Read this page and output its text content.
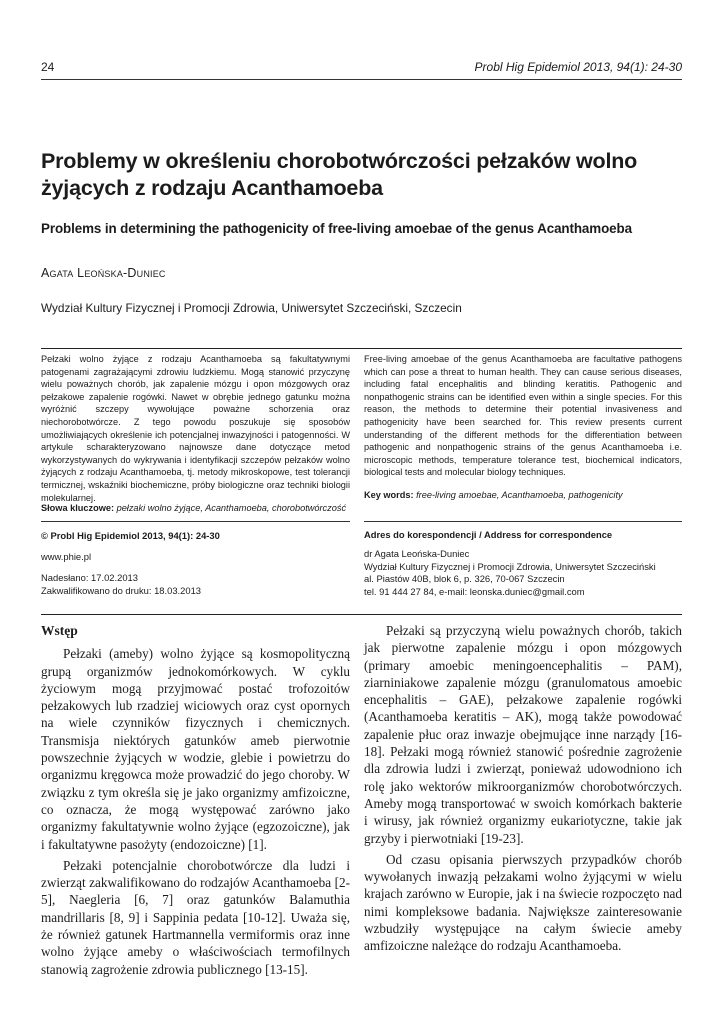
24	Probl Hig Epidemiol 2013, 94(1): 24-30
Problemy w określeniu chorobotwórczości pełzaków wolno żyjących z rodzaju Acanthamoeba
Problems in determining the pathogenicity of free-living amoebae of the genus Acanthamoeba
Agata Leońska-Duniec
Wydział Kultury Fizycznej i Promocji Zdrowia, Uniwersytet Szczeciński, Szczecin
Pełzaki wolno żyjące z rodzaju Acanthamoeba są fakultatywnymi patogenami zagrażającymi zdrowiu ludzkiemu. Mogą stanowić przyczynę wielu poważnych chorób, jak zapalenie mózgu i opon mózgowych oraz pełzakowe zapalenie rogówki. Nawet w obrębie jednego gatunku można wyróżnić szczepy wywołujące poważne schorzenia oraz niechorobotwórcze. Z tego powodu poszukuje się sposobów umożliwiających określenie ich potencjalnej inwazyjności i patogenności. W artykule scharakteryzowano najnowsze dane dotyczące metod wykorzystywanych do wykrywania i identyfikacji szczepów pełzaków wolno żyjących z rodzaju Acanthamoeba, tj. metody mikroskopowe, test tolerancji termicznej, wskaźniki biochemiczne, próby biologiczne oraz techniki biologii molekularnej.
Free-living amoebae of the genus Acanthamoeba are facultative pathogens which can pose a threat to human health. They can cause serious diseases, including fatal encephalitis and blinding keratitis. Pathogenic and nonpathogenic strains can be identified even within a single species. For this reason, the methods to determine their potential invasiveness and pathogenicity have been searched for. This review presents current understanding of the different methods for the differentiation between pathogenic and nonpathogenic strains of the genus Acanthamoeba i.e. microscopic methods, temperature tolerance test, biochemical indicators, biological tests and molecular biology techniques.
Słowa kluczowe: pełzaki wolno żyjące, Acanthamoeba, chorobotwórczość
Key words: free-living amoebae, Acanthamoeba, pathogenicity
© Probl Hig Epidemiol 2013, 94(1): 24-30
www.phie.pl
Nadesłano: 17.02.2013
Zakwalifikowano do druku: 18.03.2013
Adres do korespondencji / Address for correspondence
dr Agata Leońska-Duniec
Wydział Kultury Fizycznej i Promocji Zdrowia, Uniwersytet Szczeciński
al. Piastów 40B, blok 6, p. 326, 70-067 Szczecin
tel. 91 444 27 84, e-mail: leonska.duniec@gmail.com
Wstęp

Pełzaki (ameby) wolno żyjące są kosmopolityczną grupą organizmów jednokomórkowych. W cyklu życiowym mogą przyjmować postać trofozoitów pełzakowych lub rzadziej wiciowych oraz cyst opornych na wiele czynników fizycznych i chemicznych. Transmisja niektórych gatunków ameb pierwotnie powszechnie żyjących w wodzie, glebie i powietrzu do organizmu kręgowca może prowadzić do jego choroby. W związku z tym określa się je jako organizmy amfizoiczne, co oznacza, że mogą występować zarówno jako organizmy fakultatywnie wolno żyjące (egzozoiczne), jak i fakultatywne pasożyty (endozoiczne) [1].

Pełzaki potencjalnie chorobotwórcze dla ludzi i zwierząt zakwalifikowano do rodzajów Acanthamoeba [2-5], Naegleria [6, 7] oraz gatunków Balamuthia mandrillaris [8, 9] i Sappinia pedata [10-12]. Uważa się, że również gatunek Hartmannella vermiformis oraz inne wolno żyjące ameby o właściwościach termofilnych stanowią zagrożenie zdrowia publicznego [13-15].

Pełzaki są przyczyną wielu poważnych chorób, takich jak pierwotne zapalenie mózgu i opon mózgowych (primary amoebic meningoencephalitis – PAM), ziarniniakowe zapalenie mózgu (granulomatous amoebic encephalitis – GAE), pełzakowe zapalenie rogówki (Acanthamoeba keratitis – AK), mogą także powodować zapalenie płuc oraz inwazje obejmujące inne narządy [16-18]. Pełzaki mogą również stanowić pośrednie zagrożenie dla zdrowia ludzi i zwierząt, ponieważ udowodniono ich rolę jako wektorów mikroorganizmów chorobotwórczych. Ameby mogą transportować w swoich komórkach bakterie i wirusy, jak również organizmy eukariotyczne, takie jak grzyby i pierwotniaki [19-23].

Od czasu opisania pierwszych przypadków chorób wywołanych inwazją pełzakami wolno żyjącymi w wielu krajach zarówno w Europie, jak i na świecie rozpoczęto nad nimi kompleksowe badania. Największe zainteresowanie wzbudziły występujące na całym świecie ameby amfizoiczne należące do rodzaju Acanthamoeba.
